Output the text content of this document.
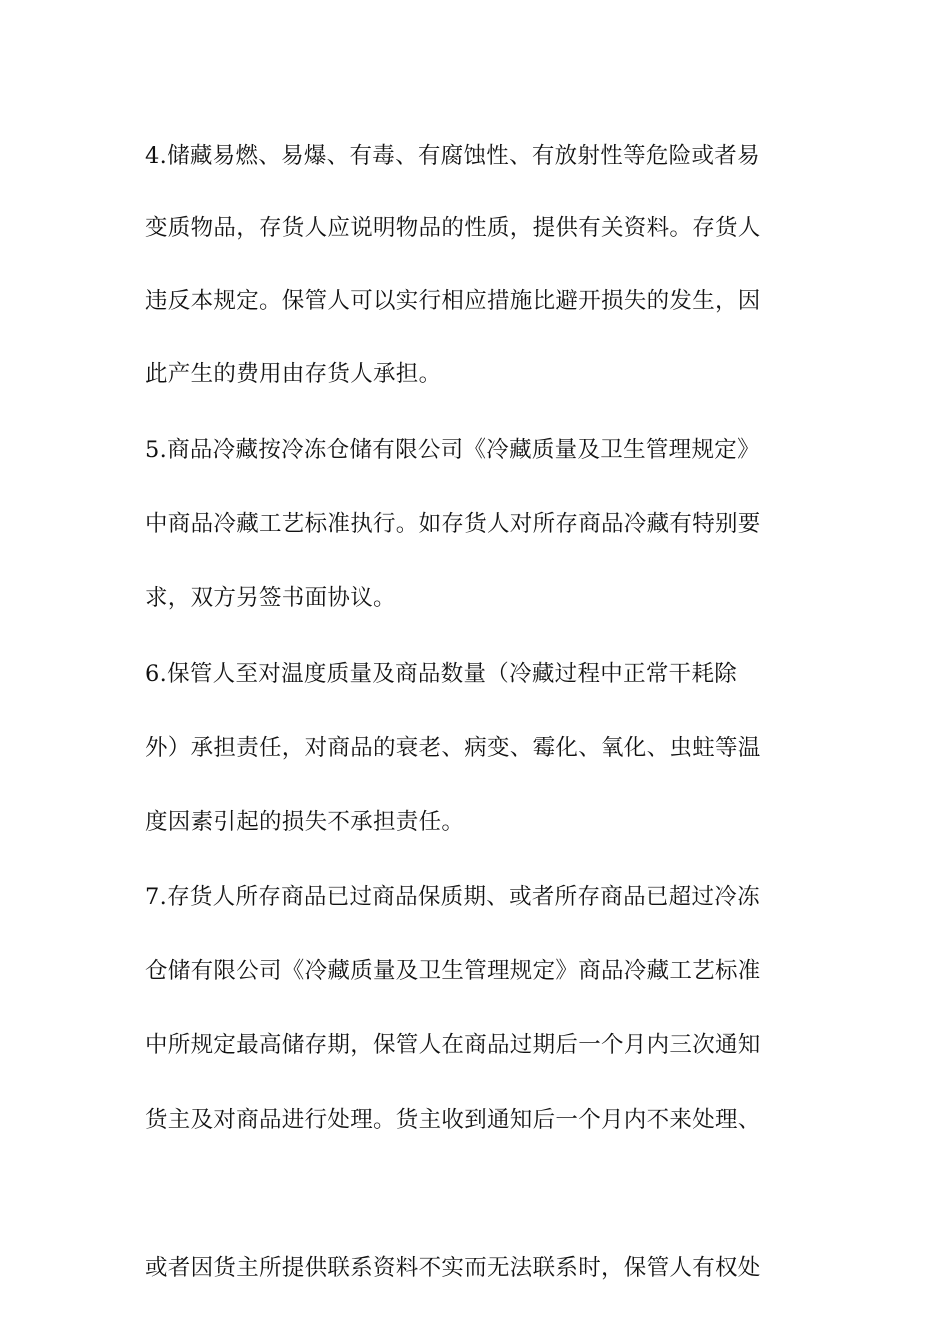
4.储藏易燃、易爆、有毒、有腐蚀性、有放射性等危险或者易
变质物品，存货人应说明物品的性质，提供有关资料。存货人
违反本规定。保管人可以实行相应措施比避开损失的发生，因
此产生的费用由存货人承担。
5.商品冷藏按冷冻仓储有限公司《冷藏质量及卫生管理规定》
中商品冷藏工艺标准执行。如存货人对所存商品冷藏有特别要
求，双方另签书面协议。
6.保管人至对温度质量及商品数量（冷藏过程中正常干耗除
外）承担责任，对商品的衰老、病变、霉化、氧化、虫蛀等温
度因素引起的损失不承担责任。
7.存货人所存商品已过商品保质期、或者所存商品已超过冷冻
仓储有限公司《冷藏质量及卫生管理规定》商品冷藏工艺标准
中所规定最高储存期，保管人在商品过期后一个月内三次通知
货主及对商品进行处理。货主收到通知后一个月内不来处理、
或者因货主所提供联系资料不实而无法联系时，保管人有权处
